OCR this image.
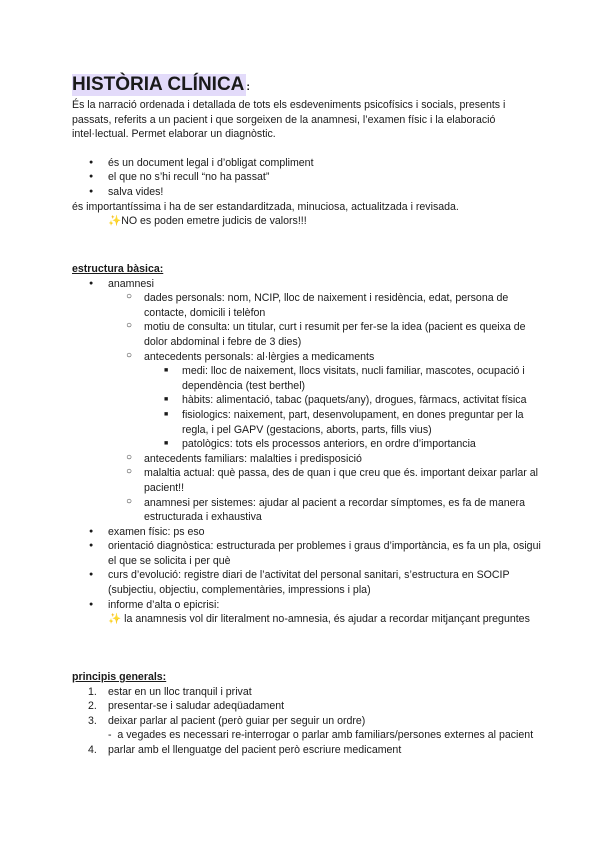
HISTÒRIA CLÍNICA :

És la narració ordenada i detallada de tots els esdeveniments psicofísics i socials, presents i passats, referits a un pacient i que sorgeixen de la anamnesi, l’examen físic i la elaboració intel·lectual. Permet elaborar un diagnòstic.

● és un document legal i d’obligat compliment
● el que no s’hi recull “no ha passat”
● salva vides!

és importantíssima i ha de ser estandarditzada, minuciosa, actualitzada i revisada.

✨NO es poden emetre judicis de valors!!!

estructura bàsica:

● anamnesi
○ dades personals: nom, NCIP, lloc de naixement i residència, edat, persona de contacte, domicili i telèfon
○ motiu de consulta: un titular, curt i resumit per fer-se la idea (pacient es queixa de dolor abdominal i febre de 3 dies)
○ antecedents personals: al·lèrgies a medicaments
■ medi: lloc de naixement, llocs visitats, nucli familiar, mascotes, ocupació i dependència (test berthel)
■ hàbits: alimentació, tabac (paquets/any), drogues, fàrmacs, activitat física
■ fisiologics: naixement, part, desenvolupament, en dones preguntar per la regla, i pel GAPV (gestacions, aborts, parts, fills vius)
■ patològics: tots els processos anteriors, en ordre d’importancia
○ antecedents familiars: malalties i predisposició
○ malaltia actual: què passa, des de quan i que creu que és. important deixar parlar al pacient!!
○ anamnesi per sistemes: ajudar al pacient a recordar símptomes, es fa de manera estructurada i exhaustiva
● examen físic: ps eso
● orientació diagnòstica: estructurada per problemes i graus d’importància, es fa un pla, osigui el que se solicita i per què
● curs d’evolució: registre diari de l’activitat del personal sanitari, s’estructura en SOCIP (subjectiu, objectiu, complementàries, impressions i pla)
● informe d’alta o epicrisi:
✨ la anamnesis vol dir literalment no-amnesia, és ajudar a recordar mitjançant preguntes

principis generals:

1. estar en un lloc tranquil i privat
2. presentar-se i saludar adeqüadament
3. deixar parlar al pacient (però guiar per seguir un ordre)
-  a vegades es necessari re-interrogar o parlar amb familiars/persones externes al pacient
4. parlar amb el llenguatge del pacient però escriure medicament
